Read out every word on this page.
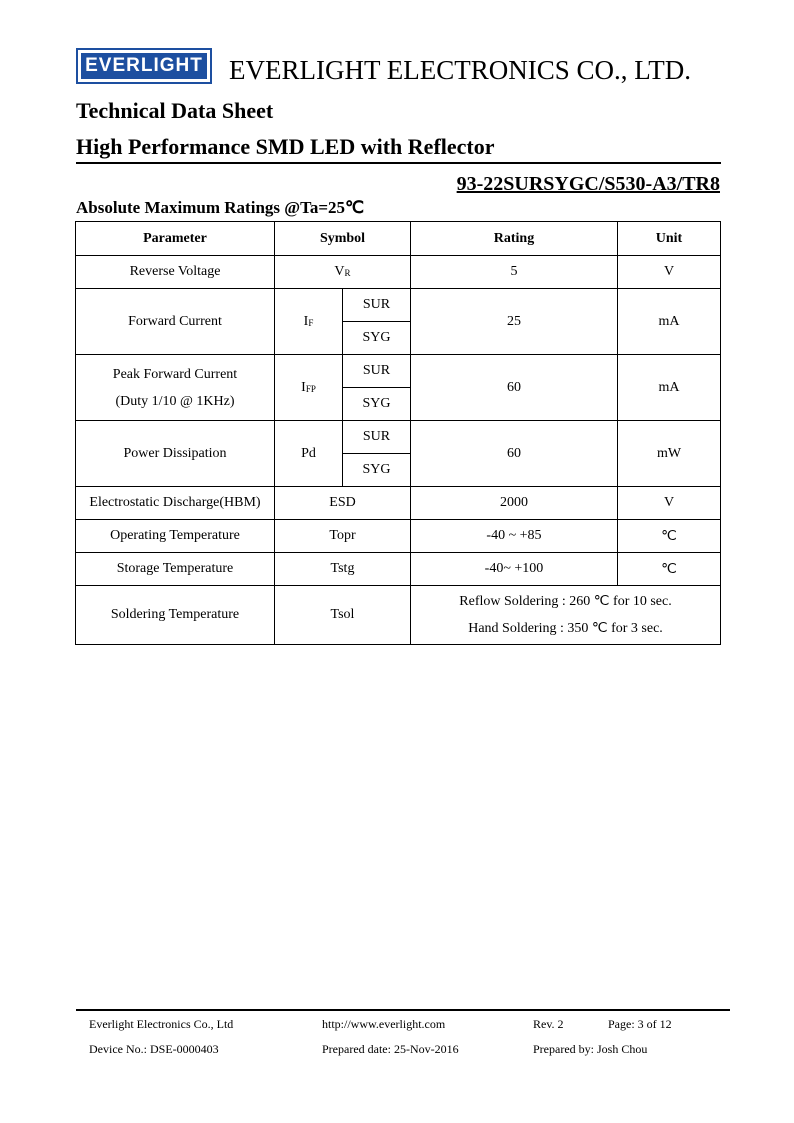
EVERLIGHT EVERLIGHT ELECTRONICS CO., LTD.
Technical Data Sheet
High Performance SMD LED with Reflector
93-22SURSYGC/S530-A3/TR8
Absolute Maximum Ratings @Ta=25℃
Parameter	Symbol		Rating	Unit
Reverse Voltage	$V_R$		5	V
Forward Current	$I_F$	SUR	25	mA
		SYG		
Peak Forward Current
(Duty 1/10 @ 1KHz)	$I_{FP}$	SUR	60	mA
		SYG		
Power Dissipation	Pd	SUR	60	mW
		SYG		
Electrostatic Discharge(HBM)	ESD		2000	V
Operating Temperature	Topr		-40 ~ +85	℃
Storage Temperature	Tstg		-40~ +100	℃
Soldering Temperature	Tsol		Reflow Soldering : 260 ℃ for 10 sec.
Hand Soldering : 350 ℃ for 3 sec.	
Everlight Electronics Co., Ltd	http://www.everlight.com	Rev. 2	Page: 3 of 12
Device No.: DSE-0000403	Prepared date: 25-Nov-2016	Prepared by: Josh Chou
